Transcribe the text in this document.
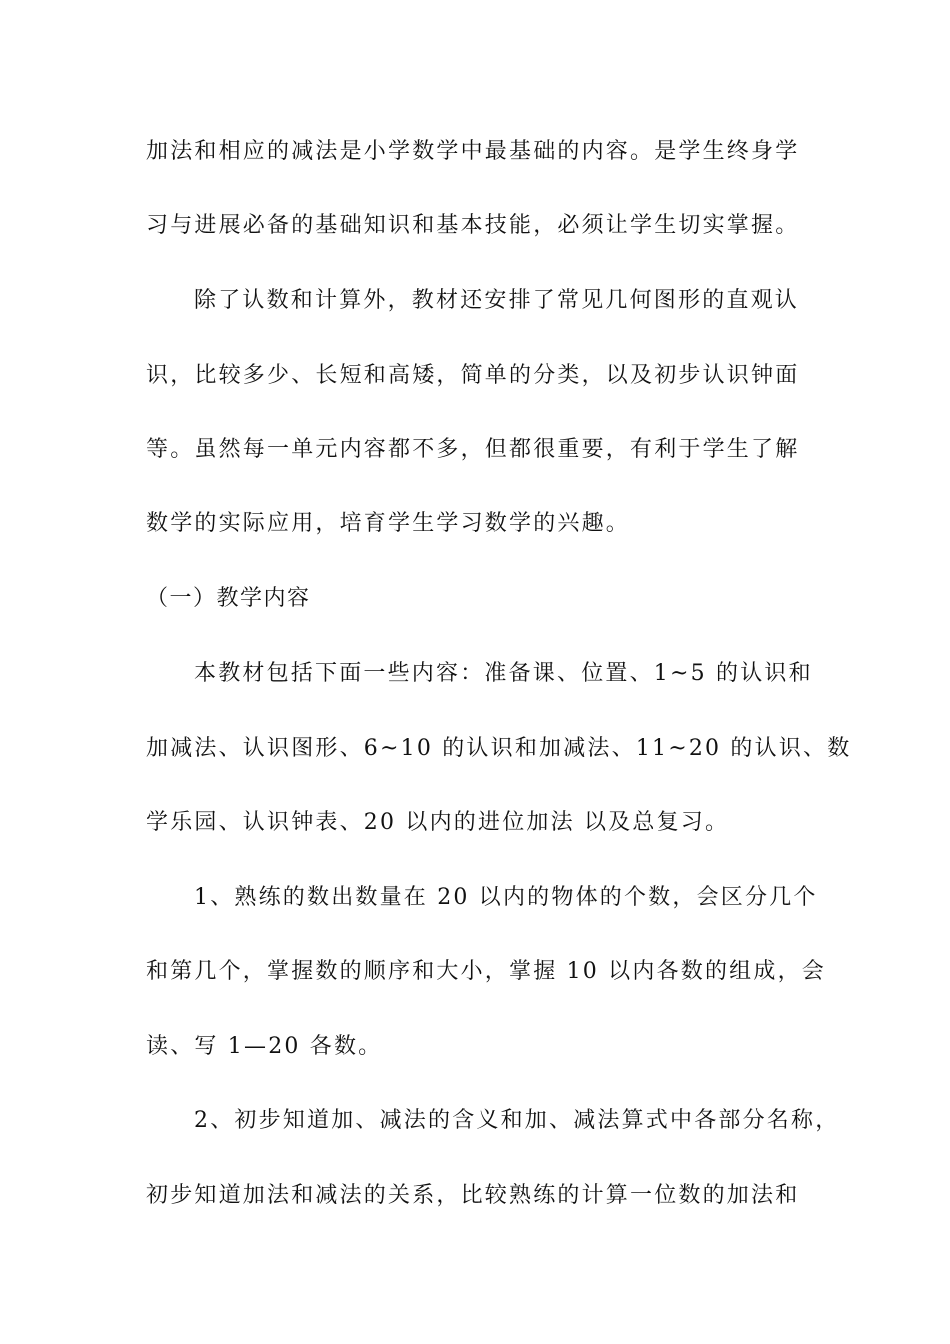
加法和相应的减法是小学数学中最基础的内容。是学生终身学
习与进展必备的基础知识和基本技能，必须让学生切实掌握。
除了认数和计算外，教材还安排了常见几何图形的直观认
识，比较多少、长短和高矮，简单的分类，以及初步认识钟面
等。虽然每一单元内容都不多，但都很重要，有利于学生了解
数学的实际应用，培育学生学习数学的兴趣。
（一）教学内容
本教材包括下面一些内容：准备课、位置、1~5 的认识和
加减法、认识图形、6~10 的认识和加减法、11~20 的认识、数
学乐园、认识钟表、20 以内的进位加法 以及总复习。
1、熟练的数出数量在 20 以内的物体的个数，会区分几个
和第几个，掌握数的顺序和大小，掌握 10 以内各数的组成，会
读、写 1—20 各数。
2、初步知道加、减法的含义和加、减法算式中各部分名称，
初步知道加法和减法的关系，比较熟练的计算一位数的加法和
